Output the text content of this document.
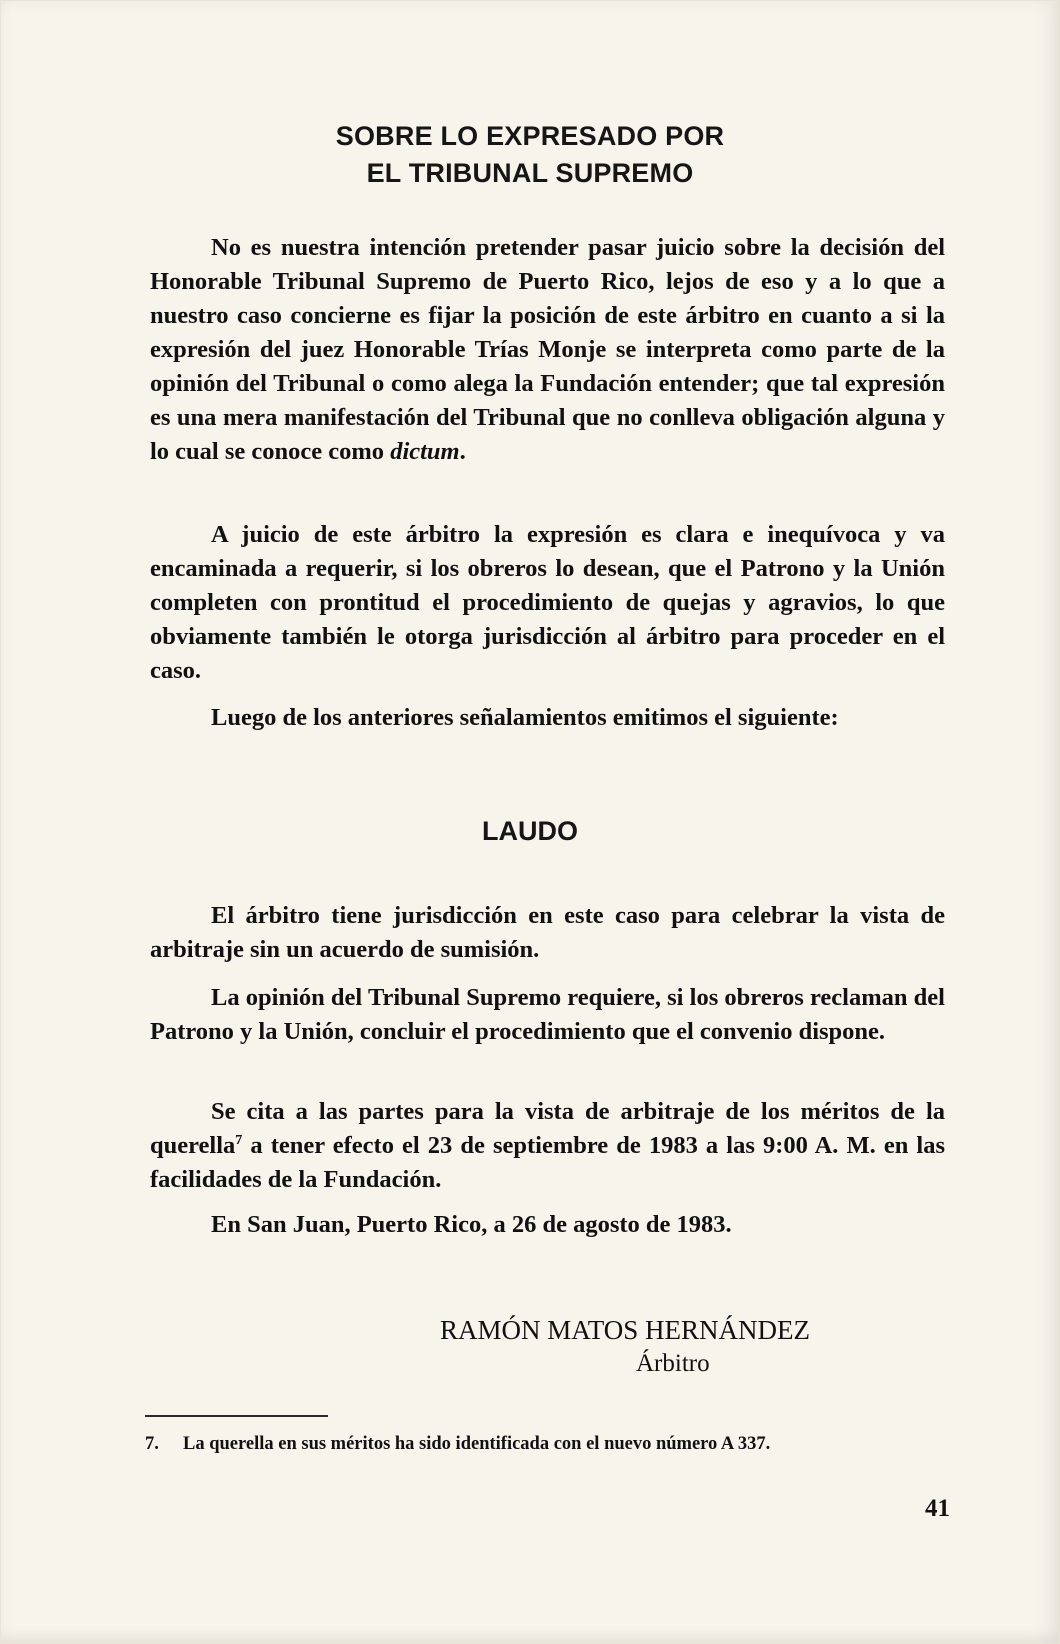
SOBRE LO EXPRESADO POR
EL TRIBUNAL SUPREMO

No es nuestra intención pretender pasar juicio sobre la decisión del Honorable Tribunal Supremo de Puerto Rico, lejos de eso y a lo que a nuestro caso concierne es fijar la posición de este árbitro en cuanto a si la expresión del juez Honorable Trías Monje se interpreta como parte de la opinión del Tribunal o como alega la Fundación entender; que tal expresión es una mera manifestación del Tribunal que no conlleva obligación alguna y lo cual se conoce como dictum.

A juicio de este árbitro la expresión es clara e inequívoca y va encaminada a requerir, si los obreros lo desean, que el Patrono y la Unión completen con prontitud el procedimiento de quejas y agravios, lo que obviamente también le otorga jurisdicción al árbitro para proceder en el caso.

Luego de los anteriores señalamientos emitimos el siguiente:

LAUDO

El árbitro tiene jurisdicción en este caso para celebrar la vista de arbitraje sin un acuerdo de sumisión.

La opinión del Tribunal Supremo requiere, si los obreros reclaman del Patrono y la Unión, concluir el procedimiento que el convenio dispone.

Se cita a las partes para la vista de arbitraje de los méritos de la querella$^7$ a tener efecto el 23 de septiembre de 1983 a las 9:00 A. M. en las facilidades de la Fundación.

En San Juan, Puerto Rico, a 26 de agosto de 1983.

RAMÓN MATOS HERNÁNDEZ
Árbitro
7. La querella en sus méritos ha sido identificada con el nuevo número A 337.
41
